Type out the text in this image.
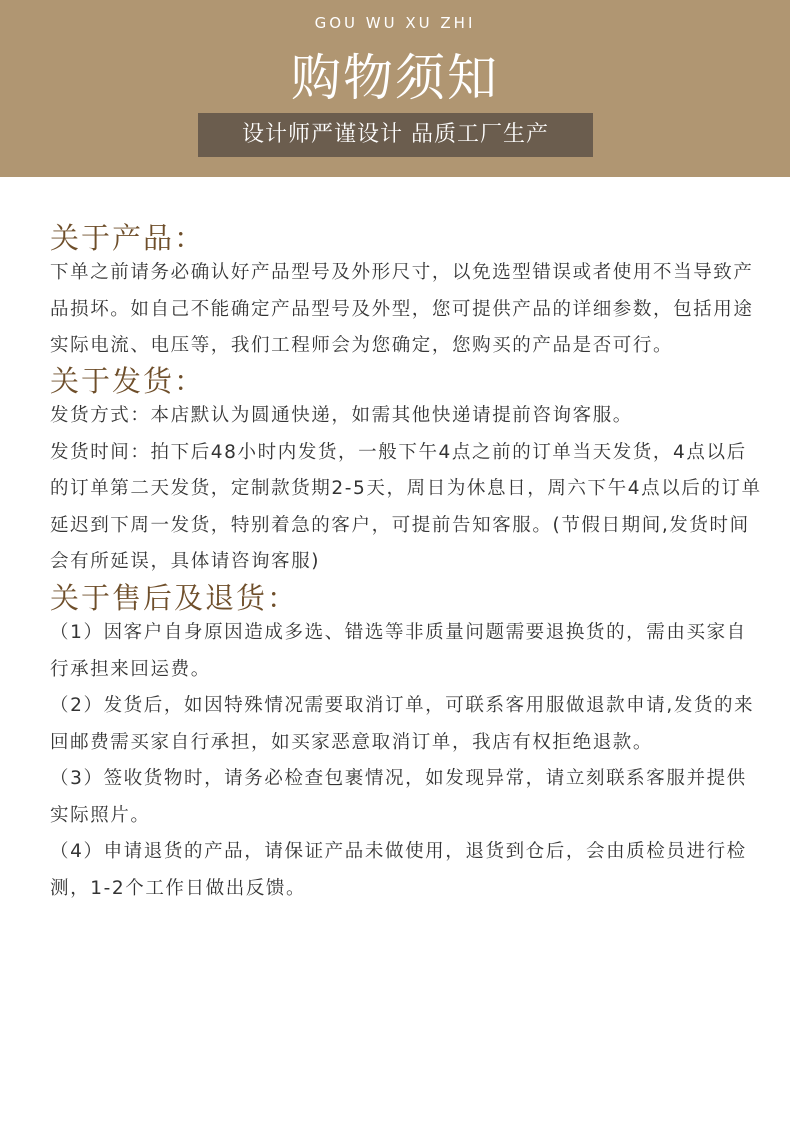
GOU WU XU ZHI
购物须知
设计师严谨设计 品质工厂生产
关于产品：
下单之前请务必确认好产品型号及外形尺寸，以免选型错误或者使用不当导致产
品损坏。如自己不能确定产品型号及外型，您可提供产品的详细参数，包括用途
实际电流、电压等，我们工程师会为您确定，您购买的产品是否可行。
关于发货：
发货方式：本店默认为圆通快递，如需其他快递请提前咨询客服。
发货时间：拍下后48小时内发货，一般下午4点之前的订单当天发货，4点以后
的订单第二天发货，定制款货期2-5天，周日为休息日，周六下午4点以后的订单
延迟到下周一发货，特别着急的客户，可提前告知客服。(节假日期间,发货时间
会有所延误，具体请咨询客服)
关于售后及退货：
（1）因客户自身原因造成多选、错选等非质量问题需要退换货的，需由买家自
行承担来回运费。
（2）发货后，如因特殊情况需要取消订单，可联系客用服做退款申请,发货的来
回邮费需买家自行承担，如买家恶意取消订单，我店有权拒绝退款。
（3）签收货物时，请务必检查包裹情况，如发现异常，请立刻联系客服并提供
实际照片。
（4）申请退货的产品，请保证产品未做使用，退货到仓后，会由质检员进行检
测，1-2个工作日做出反馈。
